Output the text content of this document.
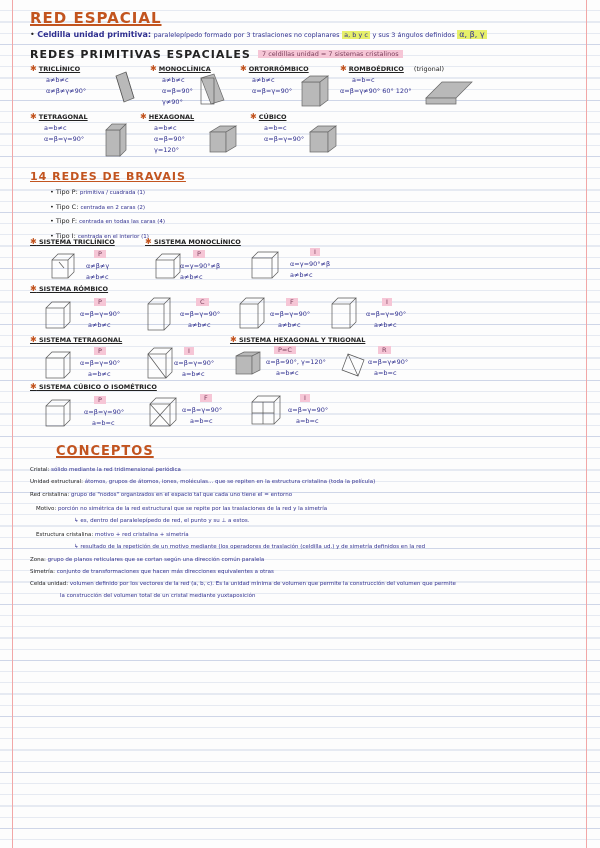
RED ESPACIAL
• Celdilla unidad primitiva: paralelepípedo formado por 3 traslaciones no coplanares a, b y c y sus 3 ángulos definidos α, β, γ
REDES PRIMITIVAS ESPACIALES	7 celdillas unidad = 7 sistemas cristalinos
✱ TRICLÍNICO
a≠b≠c
α≠β≠γ≠90°
✱ MONOCLÍNICA
a≠b≠c
α=β=90°
γ≠90°
✱ ORTORRÓMBICO
a≠b≠c
α=β=γ=90°
✱ ROMBOÉDRICO (trigonal)
a=b=c
α=β=γ≠90° 60° 120°
✱ TETRAGONAL
a=b≠c
α=β=γ=90°
✱ HEXAGONAL
a=b≠c
α=β=90°
γ=120°
✱ CÚBICO
a=b=c
α=β=γ=90°
14 REDES DE BRAVAIS
• Tipo P: primitiva / cuadrada (1)
• Tipo C: centrada en 2 caras (2)
• Tipo F: centrada en todas las caras (4)
• Tipo I: centrada en el interior (1)
✱ SISTEMA TRICLÍNICO
P
α≠β≠γ
a≠b≠c
✱ SISTEMA MONOCLÍNICO
P
α=γ=90°≠β
a≠b≠c
I
α=γ=90°≠β
a≠b≠c
✱ SISTEMA RÓMBICO
P
α=β=γ=90°
a≠b≠c
C
α=β=γ=90°
a≠b≠c
F
α=β=γ=90°
a≠b≠c
I
α=β=γ=90°
a≠b≠c
✱ SISTEMA TETRAGONAL
P
α=β=γ=90°
a=b≠c
I
α=β=γ=90°
a=b≠c
✱ SISTEMA HEXAGONAL Y TRIGONAL
P=C
α=β=90°, γ=120°
a=b≠c
R
α=β=γ≠90°
a=b=c
✱ SISTEMA CÚBICO O ISOMÉTRICO
P
α=β=γ=90°
a=b=c
F
α=β=γ=90°
a=b=c
I
α=β=γ=90°
a=b=c
CONCEPTOS
Cristal: sólido mediante la red tridimensional periódica
Unidad estructural: átomos, grupos de átomos, iones, moléculas... que se repiten en la estructura cristalina (toda la película)
Red cristalina: grupo de "nodos" organizados en el espacio tal que cada uno tiene el = entorno
Motivo: porción no simétrica de la red estructural que se repite por las traslaciones de la red y la simetría
↳ es, dentro del paralelepípedo de red, el punto y su ⊥ a estos.
Estructura cristalina: motivo + red cristalina + simetría
↳ resultado de la repetición de un motivo mediante (los operadores de traslación (celdilla ud.) y de simetría definidos en la red
Zona: grupo de planos reticulares que se cortan según una dirección común paralela
Simetría: conjunto de transformaciones que hacen más direcciones equivalentes a otras
Celda unidad: volumen definido por los vectores de la red (a, b, c). Es la unidad mínima de volumen que permite la construcción del volumen que permite
la construcción del volumen total de un cristal mediante yuxtaposición
